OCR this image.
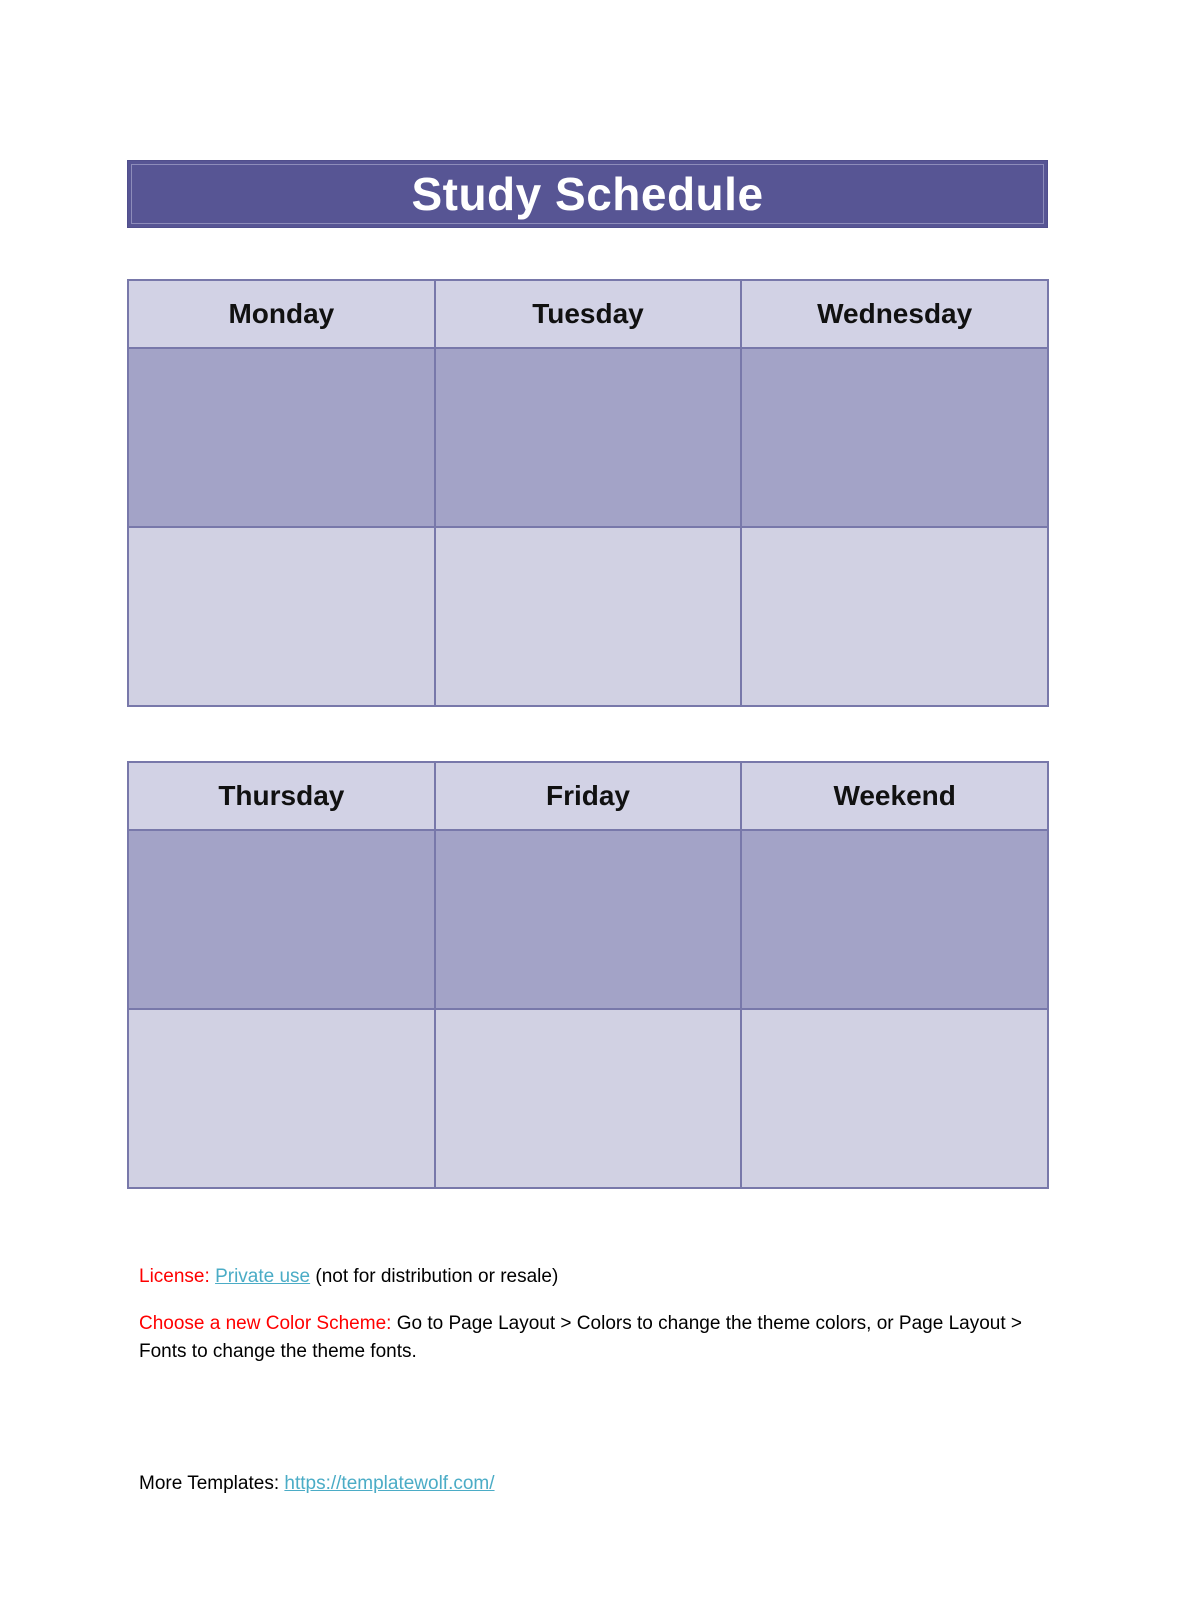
Study Schedule
Monday	Tuesday	Wednesday

Thursday	Friday	Weekend

License: Private use (not for distribution or resale)

Choose a new Color Scheme: Go to Page Layout > Colors to change the theme colors, or Page Layout > Fonts to change the theme fonts.

More Templates: https://templatewolf.com/
